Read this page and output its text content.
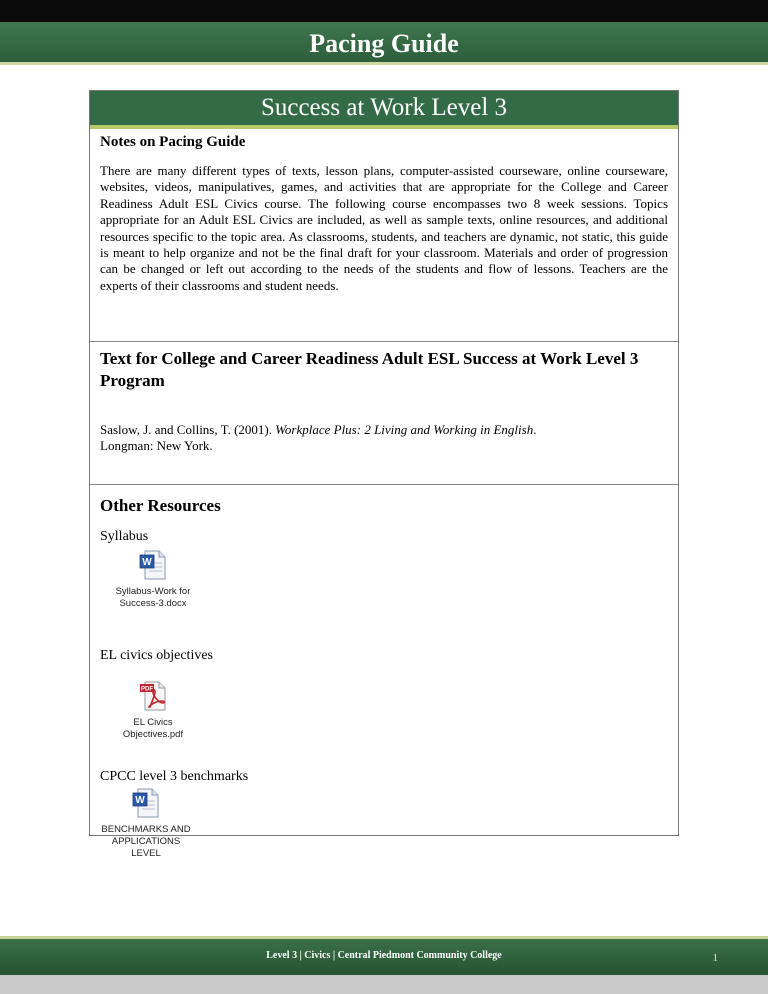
Pacing Guide
Success at Work Level 3

Notes on Pacing Guide

There are many different types of texts, lesson plans, computer-assisted courseware, online courseware, websites, videos, manipulatives, games, and activities that are appropriate for the College and Career Readiness Adult ESL Civics course. The following course encompasses two 8 week sessions. Topics appropriate for an Adult ESL Civics are included, as well as sample texts, online resources, and additional resources specific to the topic area. As classrooms, students, and teachers are dynamic, not static, this guide is meant to help organize and not be the final draft for your classroom. Materials and order of progression can be changed or left out according to the needs of the students and flow of lessons. Teachers are the experts of their classrooms and student needs.

Text for College and Career Readiness Adult ESL Success at Work Level 3 Program

Saslow, J. and Collins, T. (2001). Workplace Plus: 2 Living and Working in English.
Longman: New York.

Other Resources

Syllabus
W
Syllabus-Work for
Success-3.docx
EL civics objectives
PDF
EL Civics
Objectives.pdf
CPCC level 3 benchmarks
W
BENCHMARKS AND
APPLICATIONS LEVEL
Level 3 | Civics | Central Piedmont Community College	1
